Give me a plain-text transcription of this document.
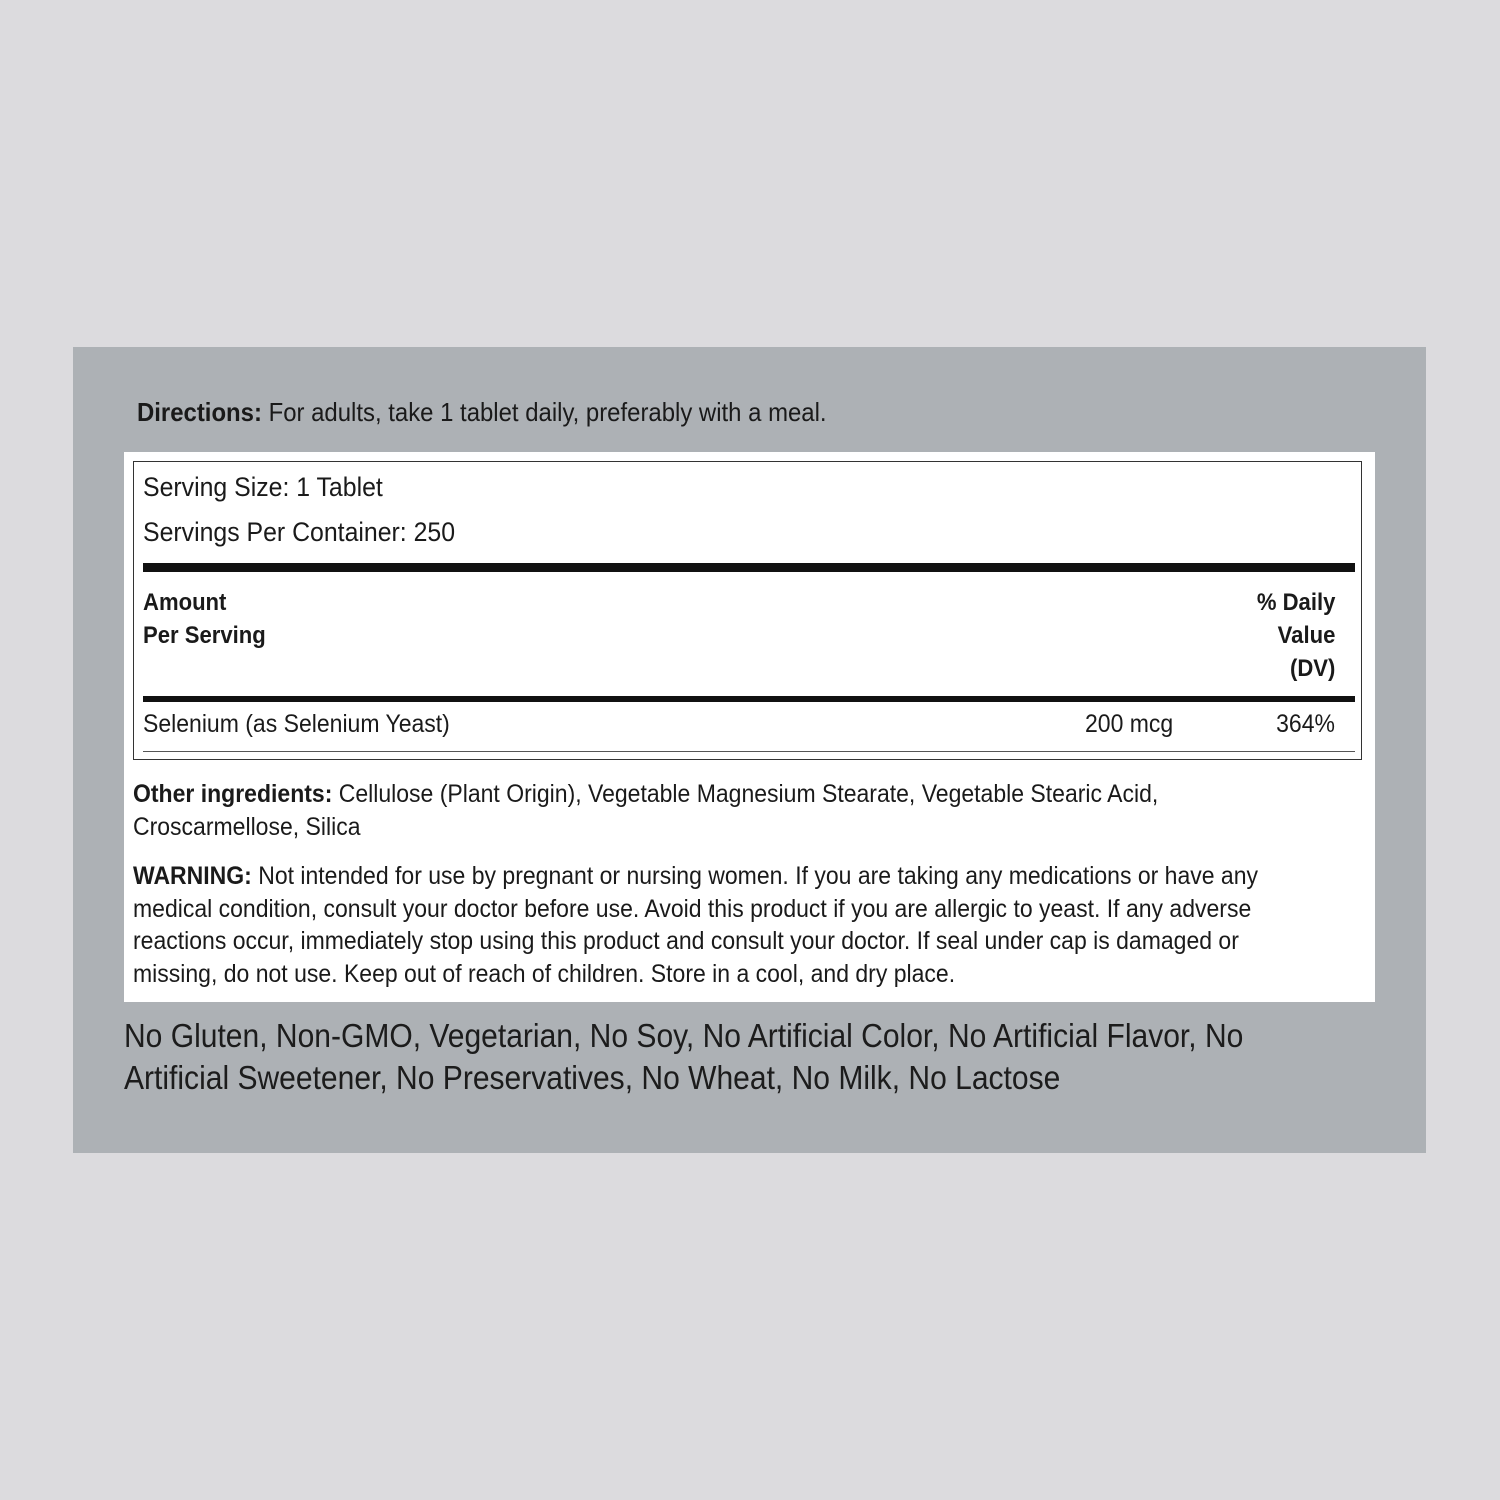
Directions: For adults, take 1 tablet daily, preferably with a meal.
Serving Size: 1 Tablet
Servings Per Container: 250
Amount
Per Serving
% Daily
Value
(DV)
Selenium (as Selenium Yeast)	200 mcg	364%
Other ingredients: Cellulose (Plant Origin), Vegetable Magnesium Stearate, Vegetable Stearic Acid, Croscarmellose, Silica
WARNING: Not intended for use by pregnant or nursing women. If you are taking any medications or have any medical condition, consult your doctor before use. Avoid this product if you are allergic to yeast. If any adverse reactions occur, immediately stop using this product and consult your doctor. If seal under cap is damaged or missing, do not use. Keep out of reach of children. Store in a cool, and dry place.
No Gluten, Non-GMO, Vegetarian, No Soy, No Artificial Color, No Artificial Flavor, No Artificial Sweetener, No Preservatives, No Wheat, No Milk, No Lactose
